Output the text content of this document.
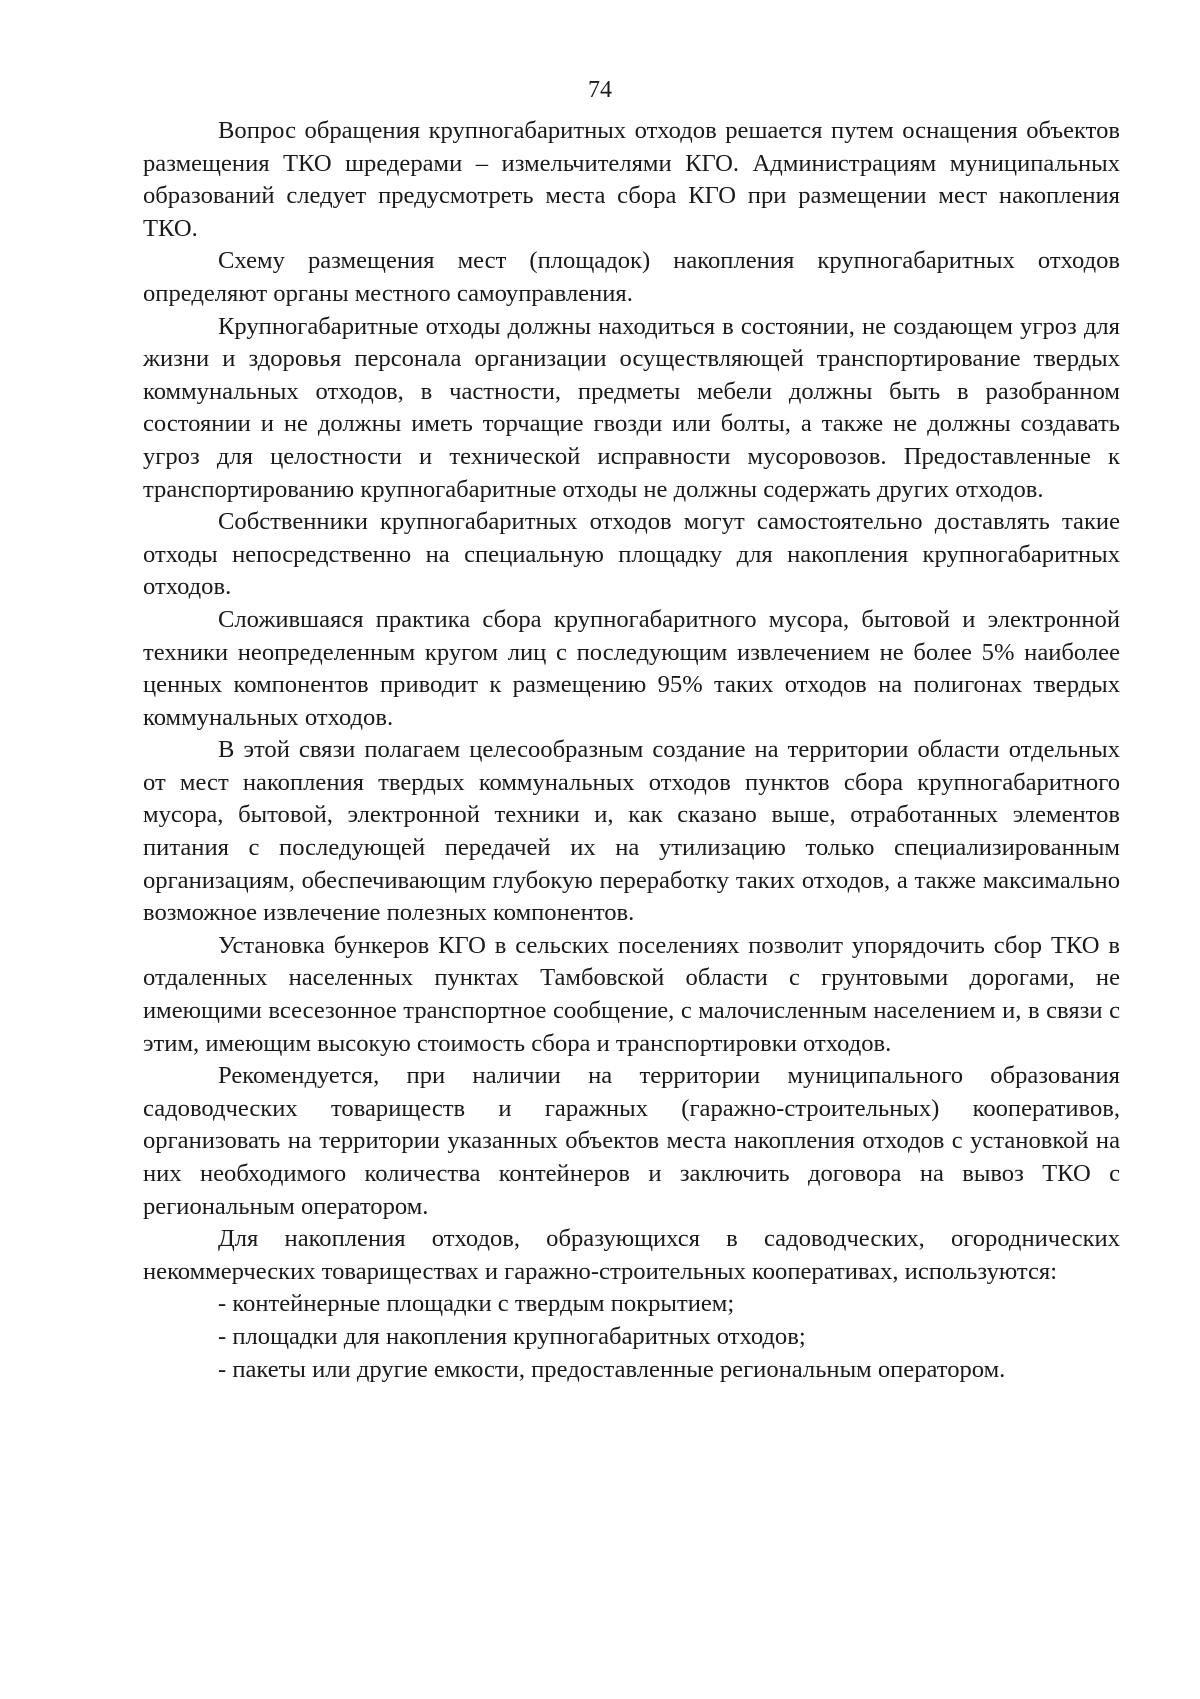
74

Вопрос обращения крупногабаритных отходов решается путем оснащения объектов размещения ТКО шредерами – измельчителями КГО. Администрациям муниципальных образований следует предусмотреть места сбора КГО при размещении мест накопления ТКО.

Схему размещения мест (площадок) накопления крупногабаритных отходов определяют органы местного самоуправления.

Крупногабаритные отходы должны находиться в состоянии, не создающем угроз для жизни и здоровья персонала организации осуществляющей транспортирование твердых коммунальных отходов, в частности, предметы мебели должны быть в разобранном состоянии и не должны иметь торчащие гвозди или болты, а также не должны создавать угроз для целостности и технической исправности мусоровозов. Предоставленные к транспортированию крупногабаритные отходы не должны содержать других отходов.

Собственники крупногабаритных отходов могут самостоятельно доставлять такие отходы непосредственно на специальную площадку для накопления крупногабаритных отходов.

Сложившаяся практика сбора крупногабаритного мусора, бытовой и электронной техники неопределенным кругом лиц с последующим извлечением не более 5% наиболее ценных компонентов приводит к размещению 95% таких отходов на полигонах твердых коммунальных отходов.

В этой связи полагаем целесообразным создание на территории области отдельных от мест накопления твердых коммунальных отходов пунктов сбора крупногабаритного мусора, бытовой, электронной техники и, как сказано выше, отработанных элементов питания с последующей передачей их на утилизацию только специализированным организациям, обеспечивающим глубокую переработку таких отходов, а также максимально возможное извлечение полезных компонентов.

Установка бункеров КГО в сельских поселениях позволит упорядочить сбор ТКО в отдаленных населенных пунктах Тамбовской области с грунтовыми дорогами, не имеющими всесезонное транспортное сообщение, с малочисленным населением и, в связи с этим, имеющим высокую стоимость сбора и транспортировки отходов.

Рекомендуется, при наличии на территории муниципального образования садоводческих товариществ и гаражных (гаражно-строительных) кооперативов, организовать на территории указанных объектов места накопления отходов с установкой на них необходимого количества контейнеров и заключить договора на вывоз ТКО с региональным оператором.

Для накопления отходов, образующихся в садоводческих, огороднических некоммерческих товариществах и гаражно-строительных кооперативах, используются:

- контейнерные площадки с твердым покрытием;

- площадки для накопления крупногабаритных отходов;

- пакеты или другие емкости, предоставленные региональным оператором.
